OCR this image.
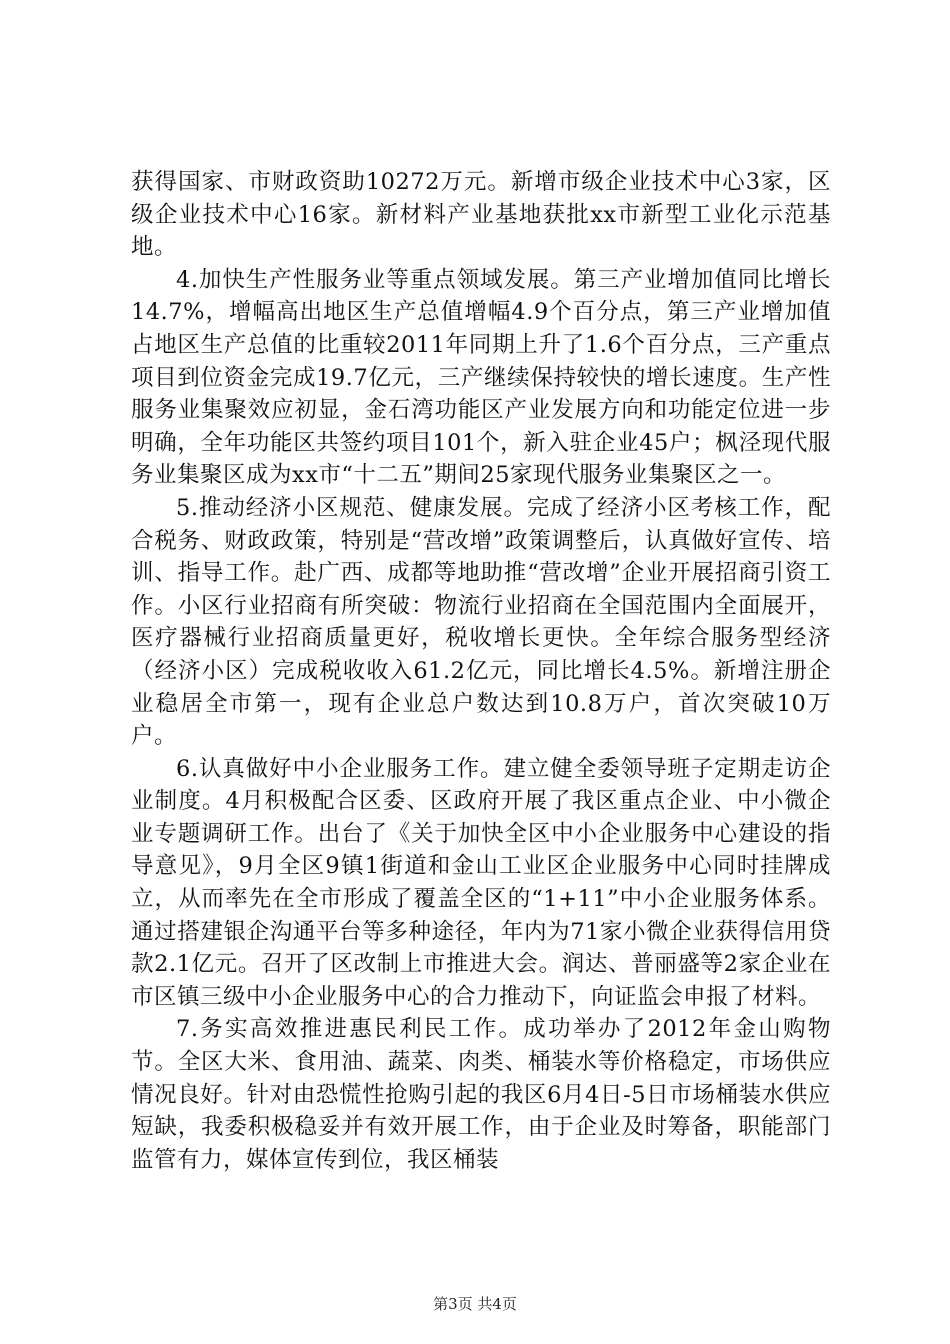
获得国家、市财政资助10272万元。新增市级企业技术中心3家，区级企业技术中心16家。新材料产业基地获批xx市新型工业化示范基地。

4.加快生产性服务业等重点领域发展。第三产业增加值同比增长14.7%，增幅高出地区生产总值增幅4.9个百分点，第三产业增加值占地区生产总值的比重较2011年同期上升了1.6个百分点，三产重点项目到位资金完成19.7亿元，三产继续保持较快的增长速度。生产性服务业集聚效应初显，金石湾功能区产业发展方向和功能定位进一步明确，全年功能区共签约项目101个，新入驻企业45户；枫泾现代服务业集聚区成为xx市“十二五”期间25家现代服务业集聚区之一。

5.推动经济小区规范、健康发展。完成了经济小区考核工作，配合税务、财政政策，特别是“营改增”政策调整后，认真做好宣传、培训、指导工作。赴广西、成都等地助推“营改增”企业开展招商引资工作。小区行业招商有所突破：物流行业招商在全国范围内全面展开，医疗器械行业招商质量更好，税收增长更快。全年综合服务型经济（经济小区）完成税收收入61.2亿元，同比增长4.5%。新增注册企业稳居全市第一，现有企业总户数达到10.8万户，首次突破10万户。

6.认真做好中小企业服务工作。建立健全委领导班子定期走访企业制度。4月积极配合区委、区政府开展了我区重点企业、中小微企业专题调研工作。出台了《关于加快全区中小企业服务中心建设的指导意见》，9月全区9镇1街道和金山工业区企业服务中心同时挂牌成立，从而率先在全市形成了覆盖全区的“1+11”中小企业服务体系。通过搭建银企沟通平台等多种途径，年内为71家小微企业获得信用贷款2.1亿元。召开了区改制上市推进大会。润达、普丽盛等2家企业在市区镇三级中小企业服务中心的合力推动下，向证监会申报了材料。

7.务实高效推进惠民利民工作。成功举办了2012年金山购物节。全区大米、食用油、蔬菜、肉类、桶装水等价格稳定，市场供应情况良好。针对由恐慌性抢购引起的我区6月4日-5日市场桶装水供应短缺，我委积极稳妥并有效开展工作，由于企业及时筹备，职能部门监管有力，媒体宣传到位，我区桶装

第3页 共4页
